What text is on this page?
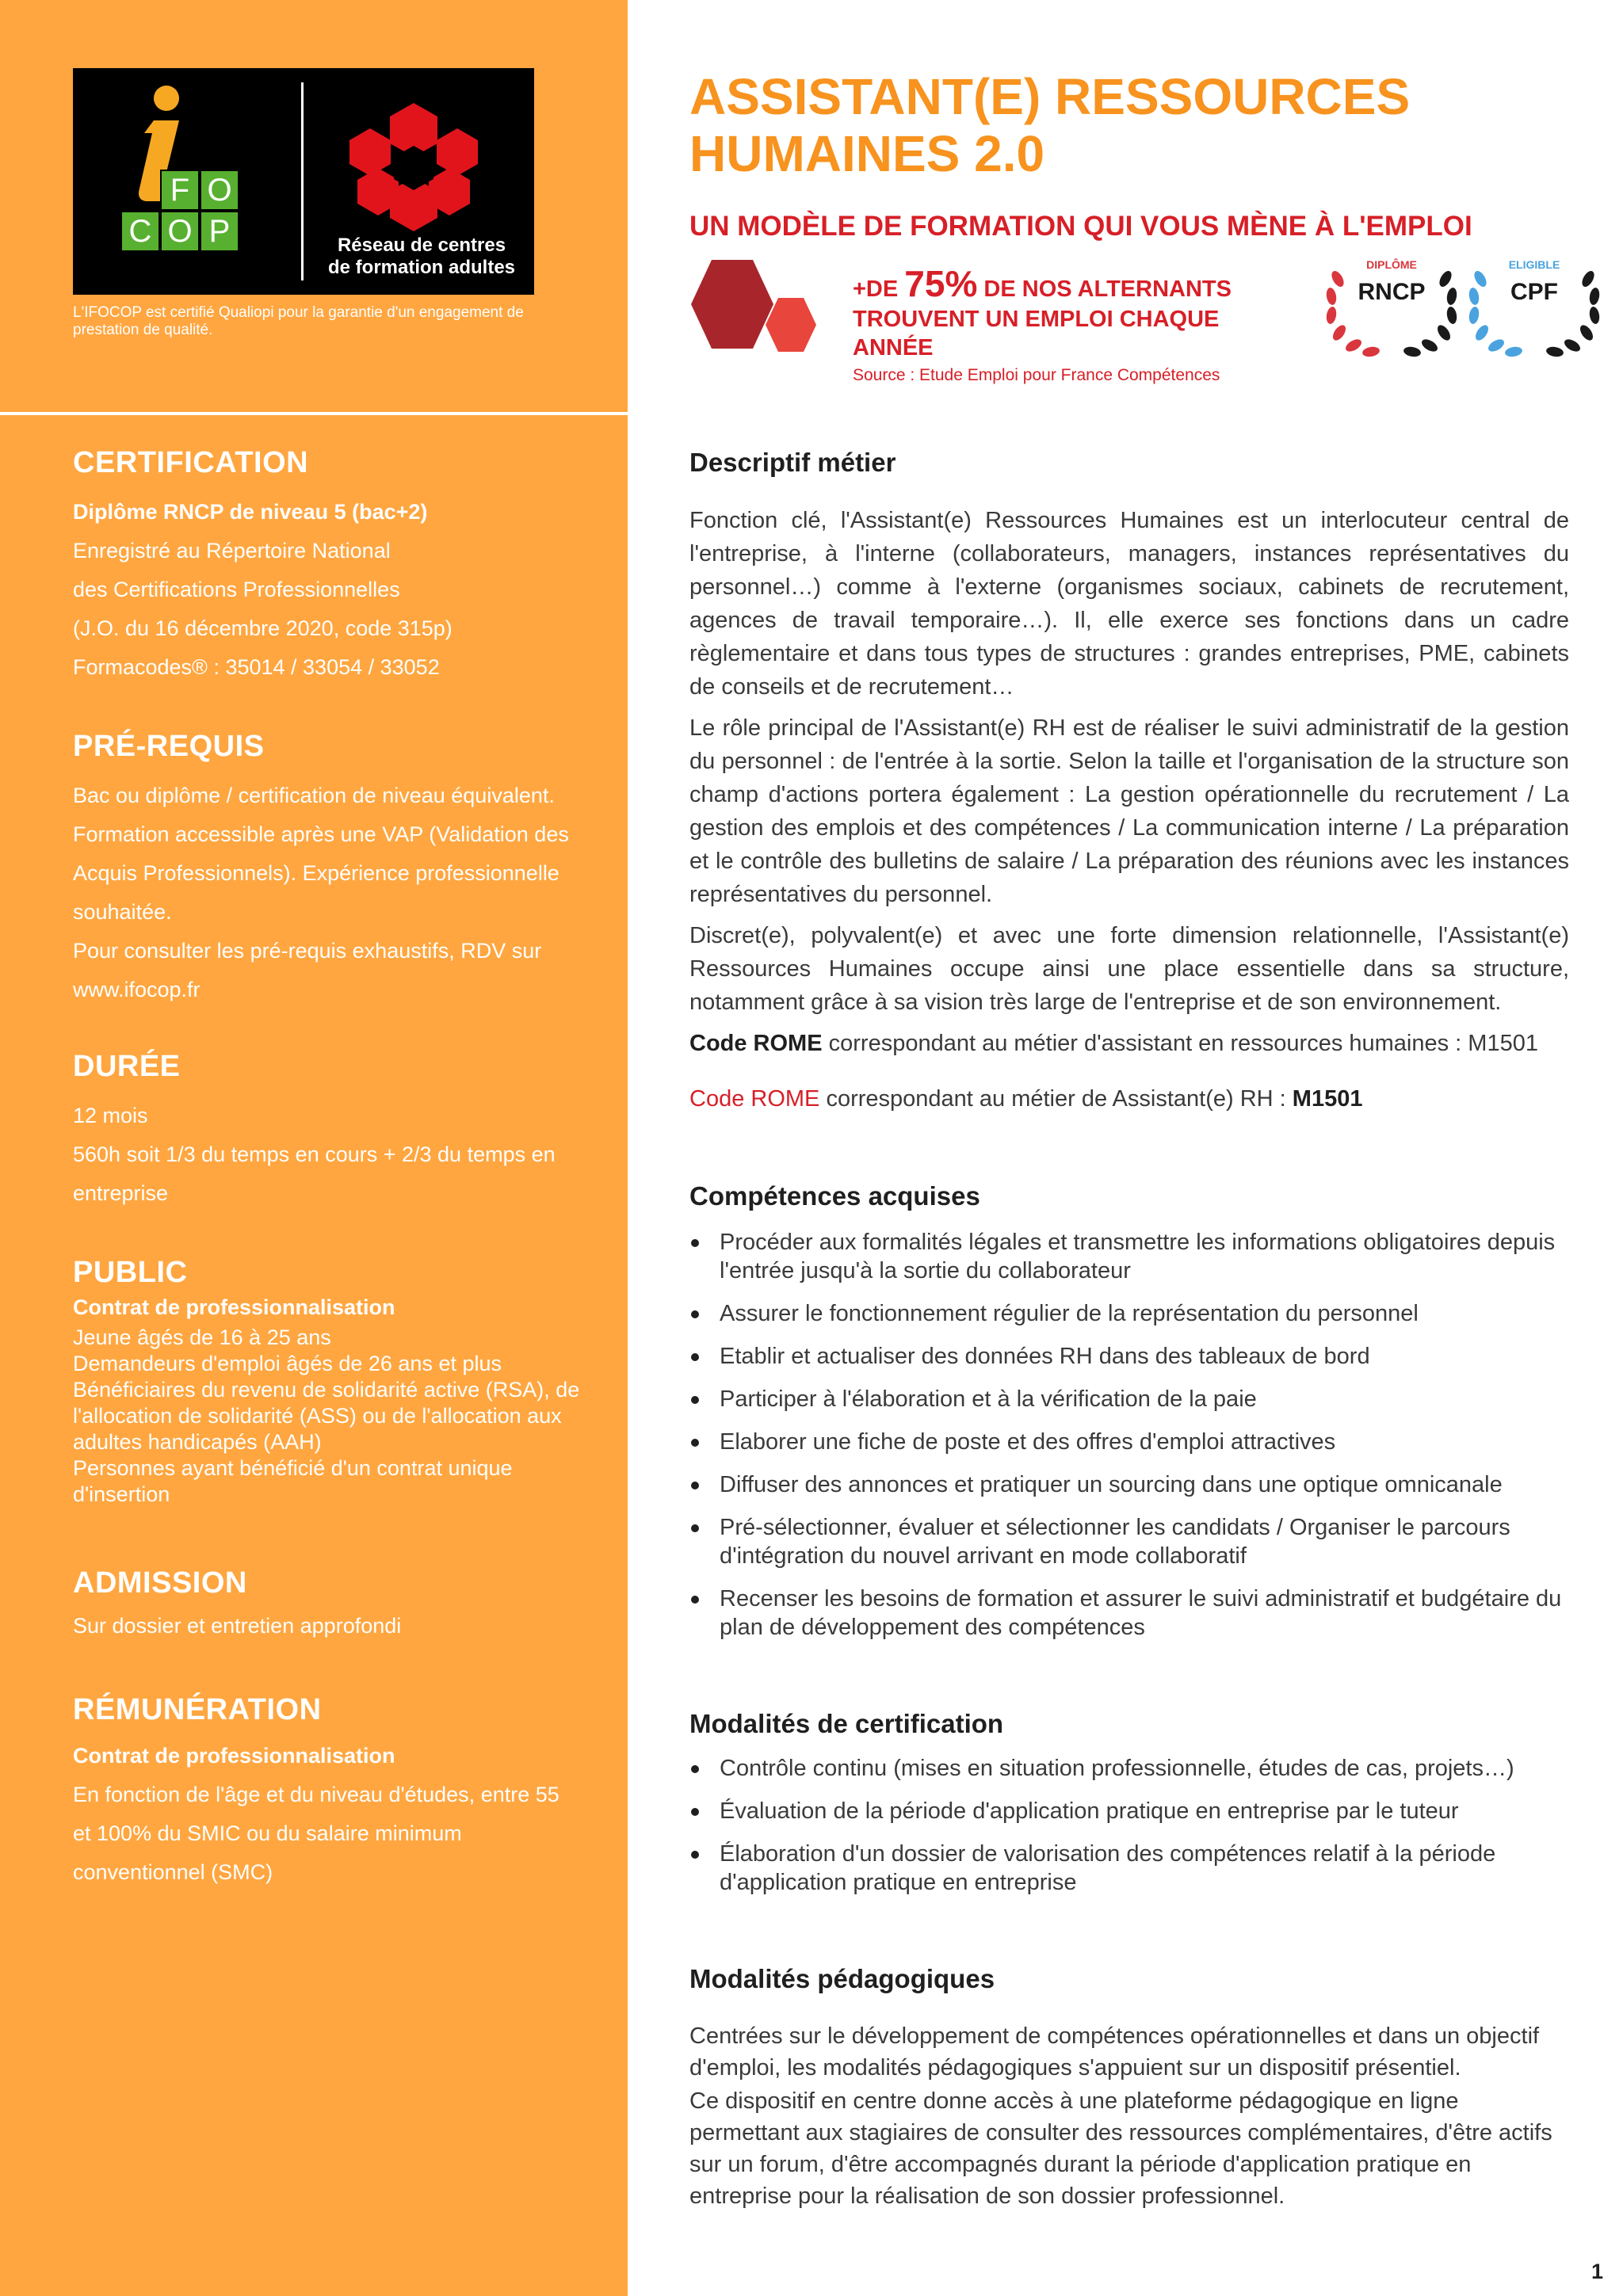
F O
C O P	Réseau de centres
de formation adultes
L'IFOCOP est certifié Qualiopi pour la garantie d'un engagement de prestation de qualité.
CERTIFICATION
Diplôme RNCP de niveau 5 (bac+2)
Enregistré au Répertoire National
des Certifications Professionnelles
(J.O. du 16 décembre 2020, code 315p)
Formacodes® : 35014 / 33054 / 33052
PRÉ-REQUIS
Bac ou diplôme / certification de niveau équivalent.
Formation accessible après une VAP (Validation des
Acquis Professionnels). Expérience professionnelle
souhaitée.
Pour consulter les pré-requis exhaustifs, RDV sur
www.ifocop.fr
DURÉE
12 mois
560h soit 1/3 du temps en cours + 2/3 du temps en
entreprise
PUBLIC
Contrat de professionnalisation
Jeune âgés de 16 à 25 ans
Demandeurs d'emploi âgés de 26 ans et plus
Bénéficiaires du revenu de solidarité active (RSA), de
l'allocation de solidarité (ASS) ou de l'allocation aux
adultes handicapés (AAH)
Personnes ayant bénéficié d'un contrat unique
d'insertion
ADMISSION
Sur dossier et entretien approfondi
RÉMUNÉRATION
Contrat de professionnalisation
En fonction de l'âge et du niveau d'études, entre 55
et 100% du SMIC ou du salaire minimum
conventionnel (SMC)
ASSISTANT(E) RESSOURCES
HUMAINES 2.0
UN MODÈLE DE FORMATION QUI VOUS MÈNE À L'EMPLOI
+DE 75% DE NOS ALTERNANTS
TROUVENT UN EMPLOI CHAQUE ANNÉE
Source : Etude Emploi pour France Compétences
DIPLÔME
RNCP
ELIGIBLE
CPF
Descriptif métier
Fonction clé, l'Assistant(e) Ressources Humaines est un interlocuteur central de l'entreprise, à l'interne (collaborateurs, managers, instances représentatives du personnel…) comme à l'externe (organismes sociaux, cabinets de recrutement, agences de travail temporaire…). Il, elle exerce ses fonctions dans un cadre règlementaire et dans tous types de structures : grandes entreprises, PME, cabinets de conseils et de recrutement…
Le rôle principal de l'Assistant(e) RH est de réaliser le suivi administratif de la gestion du personnel : de l'entrée à la sortie. Selon la taille et l'organisation de la structure son champ d'actions portera également : La gestion opérationnelle du recrutement / La gestion des emplois et des compétences / La communication interne / La préparation et le contrôle des bulletins de salaire / La préparation des réunions avec les instances représentatives du personnel.
Discret(e), polyvalent(e) et avec une forte dimension relationnelle, l'Assistant(e) Ressources Humaines occupe ainsi une place essentielle dans sa structure, notamment grâce à sa vision très large de l'entreprise et de son environnement.
Code ROME correspondant au métier d'assistant en ressources humaines : M1501
Code ROME correspondant au métier de Assistant(e) RH : M1501
Compétences acquises
Procéder aux formalités légales et transmettre les informations obligatoires depuis l'entrée jusqu'à la sortie du collaborateur
Assurer le fonctionnement régulier de la représentation du personnel
Etablir et actualiser des données RH dans des tableaux de bord
Participer à l'élaboration et à la vérification de la paie
Elaborer une fiche de poste et des offres d'emploi attractives
Diffuser des annonces et pratiquer un sourcing dans une optique omnicanale
Pré-sélectionner, évaluer et sélectionner les candidats / Organiser le parcours d'intégration du nouvel arrivant en mode collaboratif
Recenser les besoins de formation et assurer le suivi administratif et budgétaire du plan de développement des compétences
Modalités de certification
Contrôle continu (mises en situation professionnelle, études de cas, projets…)
Évaluation de la période d'application pratique en entreprise par le tuteur
Élaboration d'un dossier de valorisation des compétences relatif à la période d'application pratique en entreprise
Modalités pédagogiques
Centrées sur le développement de compétences opérationnelles et dans un objectif d'emploi, les modalités pédagogiques s'appuient sur un dispositif présentiel.
Ce dispositif en centre donne accès à une plateforme pédagogique en ligne permettant aux stagiaires de consulter des ressources complémentaires, d'être actifs sur un forum, d'être accompagnés durant la période d'application pratique en entreprise pour la réalisation de son dossier professionnel.
1
